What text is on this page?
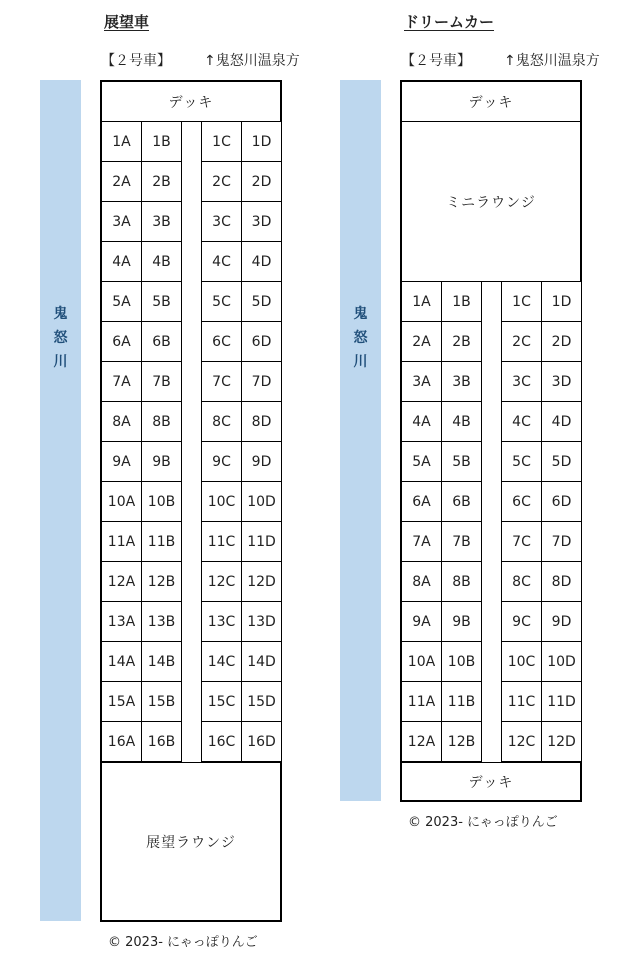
展望車
【２号車】 ↑鬼怒川温泉方
鬼
怒
川
デッキ
1A	1B	1C	1D
2A	2B	2C	2D
3A	3B	3C	3D
4A	4B	4C	4D
5A	5B	5C	5D
6A	6B	6C	6D
7A	7B	7C	7D
8A	8B	8C	8D
9A	9B	9C	9D
10A 10B	10C 10D
11A 11B	11C 11D
12A 12B	12C 12D
13A 13B	13C 13D
14A 14B	14C 14D
15A 15B	15C 15D
16A 16B	16C 16D
展望ラウンジ
© 2023- にゃっぽりんご
ドリームカー
【２号車】 ↑鬼怒川温泉方
鬼
怒
川
デッキ
ミニラウンジ
1A	1B	1C	1D
2A	2B	2C	2D
3A	3B	3C	3D
4A	4B	4C	4D
5A	5B	5C	5D
6A	6B	6C	6D
7A	7B	7C	7D
8A	8B	8C	8D
9A	9B	9C	9D
10A 10B	10C 10D
11A 11B	11C 11D
12A 12B	12C 12D
デッキ
© 2023- にゃっぽりんご
